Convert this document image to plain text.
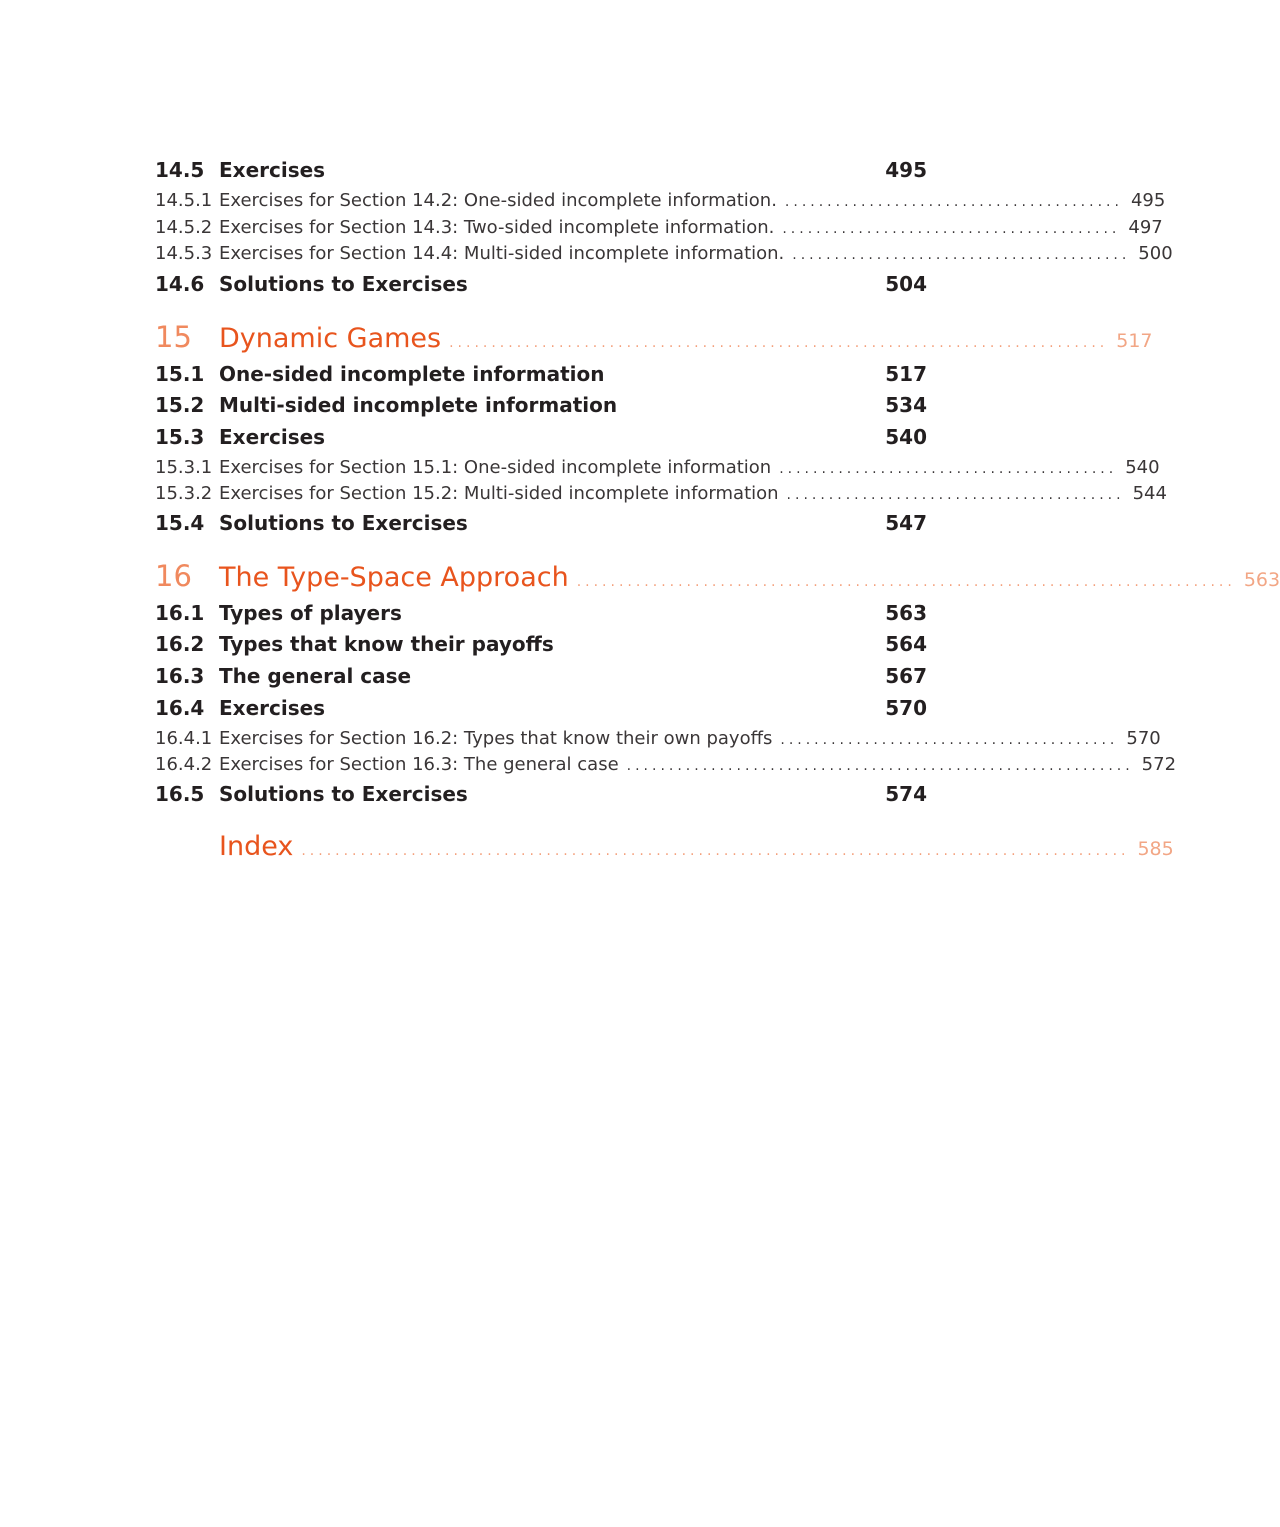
14.5 Exercises	495
14.5.1 Exercises for Section 14.2: One-sided incomplete information. ........................................ 495
14.5.2 Exercises for Section 14.3: Two-sided incomplete information. ........................................ 497
14.5.3 Exercises for Section 14.4: Multi-sided incomplete information. ........................................ 500
14.6 Solutions to Exercises	504
15	Dynamic Games .............................................................................. 517
15.1 One-sided incomplete information	517
15.2 Multi-sided incomplete information	534
15.3 Exercises	540
15.3.1 Exercises for Section 15.1: One-sided incomplete information ........................................ 540
15.3.2 Exercises for Section 15.2: Multi-sided incomplete information ........................................ 544
15.4 Solutions to Exercises	547
16	The Type-Space Approach .............................................................................. 563
16.1 Types of players	563
16.2 Types that know their payoffs	564
16.3 The general case	567
16.4 Exercises	570
16.4.1 Exercises for Section 16.2: Types that know their own payoffs ........................................ 570
16.4.2 Exercises for Section 16.3: The general case ............................................................ 572
16.5 Solutions to Exercises	574
Index .................................................................................................. 585
